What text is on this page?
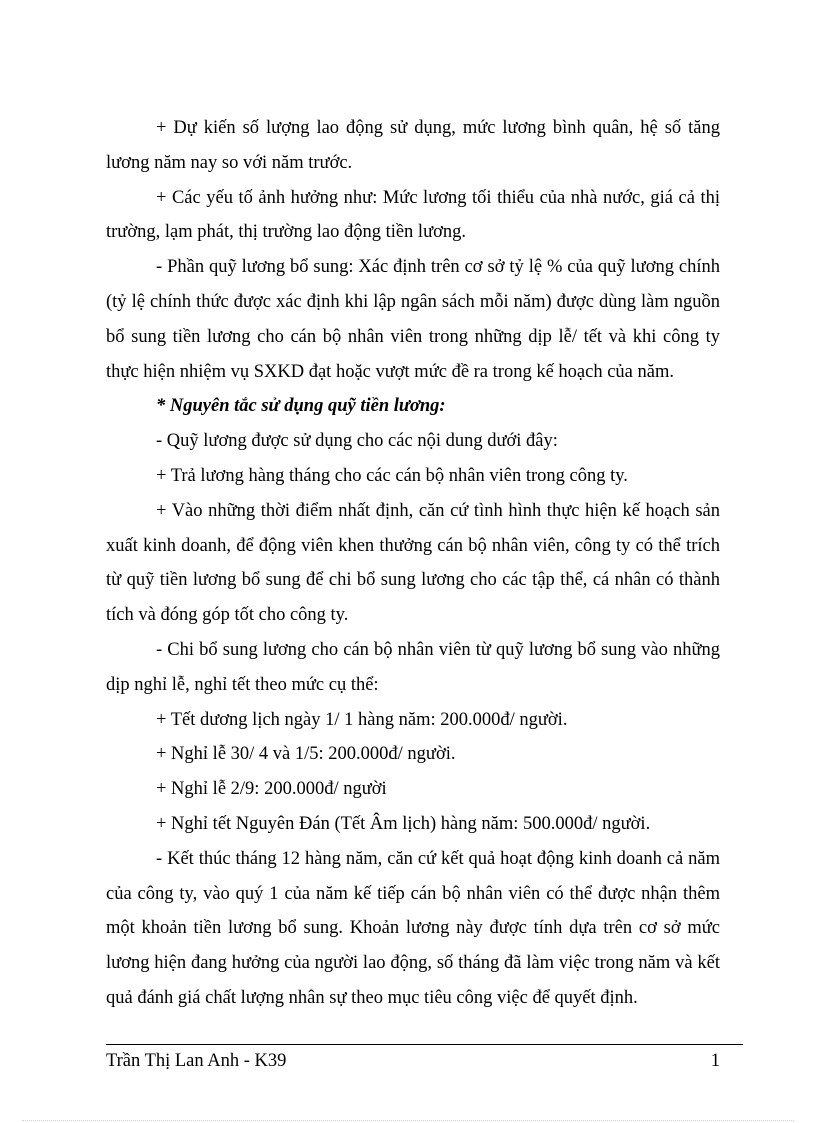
+ Dự kiến số lượng lao động sử dụng, mức lương bình quân, hệ số tăng lương năm nay so với năm trước.

+ Các yếu tố ảnh hưởng như: Mức lương tối thiểu của nhà nước, giá cả thị trường, lạm phát, thị trường lao động tiền lương.

- Phần quỹ lương bổ sung: Xác định trên cơ sở tỷ lệ % của quỹ lương chính (tỷ lệ chính thức được xác định khi lập ngân sách mỗi năm) được dùng làm nguồn bổ sung tiền lương cho cán bộ nhân viên trong những dịp lễ/ tết và khi công ty thực hiện nhiệm vụ SXKD đạt hoặc vượt mức đề ra trong kế hoạch của năm.

* Nguyên tắc sử dụng quỹ tiền lương:

- Quỹ lương được sử dụng cho các nội dung dưới đây:

+ Trả lương hàng tháng cho các cán bộ nhân viên trong công ty.

+ Vào những thời điểm nhất định, căn cứ tình hình thực hiện kế hoạch sản xuất kinh doanh, để động viên khen thưởng cán bộ nhân viên, công ty có thể trích từ quỹ tiền lương bổ sung để chi bổ sung lương cho các tập thể, cá nhân có thành tích và đóng góp tốt cho công ty.

- Chi bổ sung lương cho cán bộ nhân viên từ quỹ lương bổ sung vào những dịp nghỉ lễ, nghỉ tết theo mức cụ thể:

+ Tết dương lịch ngày 1/ 1 hàng năm: 200.000đ/ người.

+ Nghỉ lễ 30/ 4 và 1/5: 200.000đ/ người.

+ Nghỉ lễ 2/9: 200.000đ/ người

+ Nghỉ tết Nguyên Đán (Tết Âm lịch) hàng năm: 500.000đ/ người.

- Kết thúc tháng 12 hàng năm, căn cứ kết quả hoạt động kinh doanh cả năm của công ty, vào quý 1 của năm kế tiếp cán bộ nhân viên có thể được nhận thêm một khoản tiền lương bổ sung. Khoản lương này được tính dựa trên cơ sở mức lương hiện đang hưởng của người lao động, số tháng đã làm việc trong năm và kết quả đánh giá chất lượng nhân sự theo mục tiêu công việc để quyết định.

Trần Thị Lan Anh - K39	1
